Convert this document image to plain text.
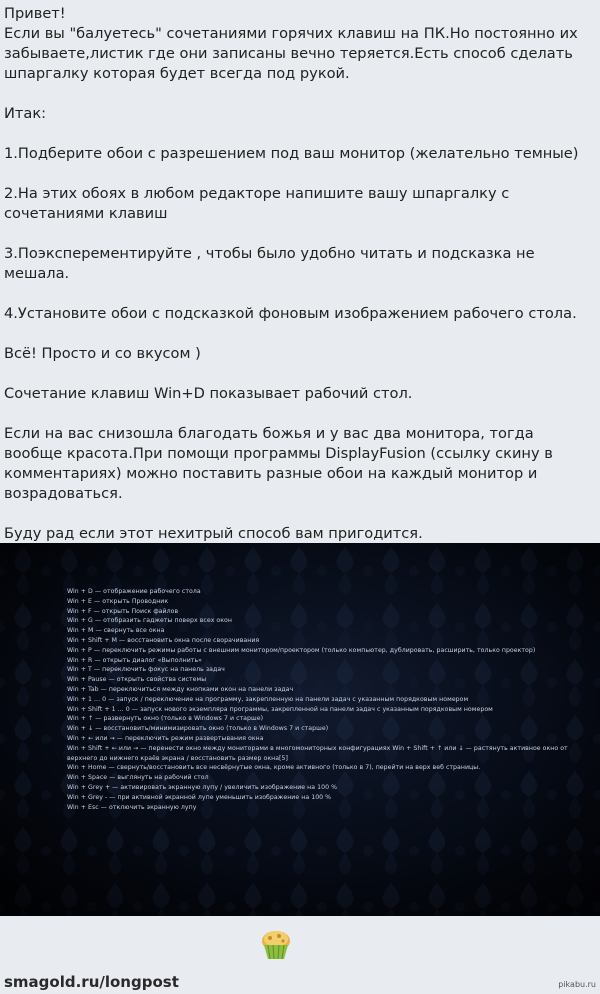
Привет!
Если вы "балуетесь" сочетаниями горячих клавиш на ПК.Но постоянно их забываете,листик где они записаны вечно теряется.Есть способ сделать шпаргалку которая будет всегда под рукой.

Итак:

1.Подберите обои с разрешением под ваш монитор (желательно темные)

2.На этих обоях в любом редакторе напишите вашу шпаргалку с сочетаниями клавиш

3.Поэксперементируйте , чтобы было удобно читать и подсказка не мешала.

4.Установите обои с подсказкой фоновым изображением рабочего стола.

Всё! Просто и со вкусом )

Сочетание клавиш Win+D показывает рабочий стол.

Если на вас снизошла благодать божья и у вас два монитора, тогда вообще красота.При помощи программы DisplayFusion (ссылку скину в комментариях) можно поставить разные обои на каждый монитор и возрадоваться.

Буду рад если этот нехитрый способ вам пригодится.

Win + D — отображение рабочего стола
Win + E — открыть Проводник
Win + F — открыть Поиск файлов
Win + G — отобразить гаджеты поверх всех окон
Win + M — свернуть все окна
Win + Shift + M — восстановить окна после сворачивания
Win + P — переключить режимы работы с внешним монитором/проектором (только компьютер, дублировать, расширить, только проектор)
Win + R — открыть диалог «Выполнить»
Win + T — переключить фокус на панель задач
Win + Pause — открыть свойства системы
Win + Tab — переключиться между кнопками окон на панели задач
Win + 1 ... 0 — запуск / переключение на программу, закрепленную на панели задач с указанным порядковым номером
Win + Shift + 1 ... 0 — запуск нового экземпляра программы, закрепленной на панели задач с указанным порядковым номером
Win + ↑ — развернуть окно (только в Windows 7 и старше)
Win + ↓ — восстановить/минимизировать окно (только в Windows 7 и старше)
Win + ← или → — переключить режим развертывания окна
Win + Shift + ← или → — перенести окно между мониторами в многомониторных конфигурациях Win + Shift + ↑ или ↓ — растянуть активное окно от верхнего до нижнего краёв экрана / восстановить размер окна[5]
Win + Home — свернуть/восстановить все несвёрнутые окна, кроме активного (только в 7), перейти на верх веб страницы.
Win + Space — выглянуть на рабочий стол
Win + Grey + — активировать экранную лупу / увеличить изображение на 100 %
Win + Grey - — при активной экранной лупе уменьшить изображение на 100 %
Win + Esc — отключить экранную лупу
smagold.ru/longpost	pikabu.ru
